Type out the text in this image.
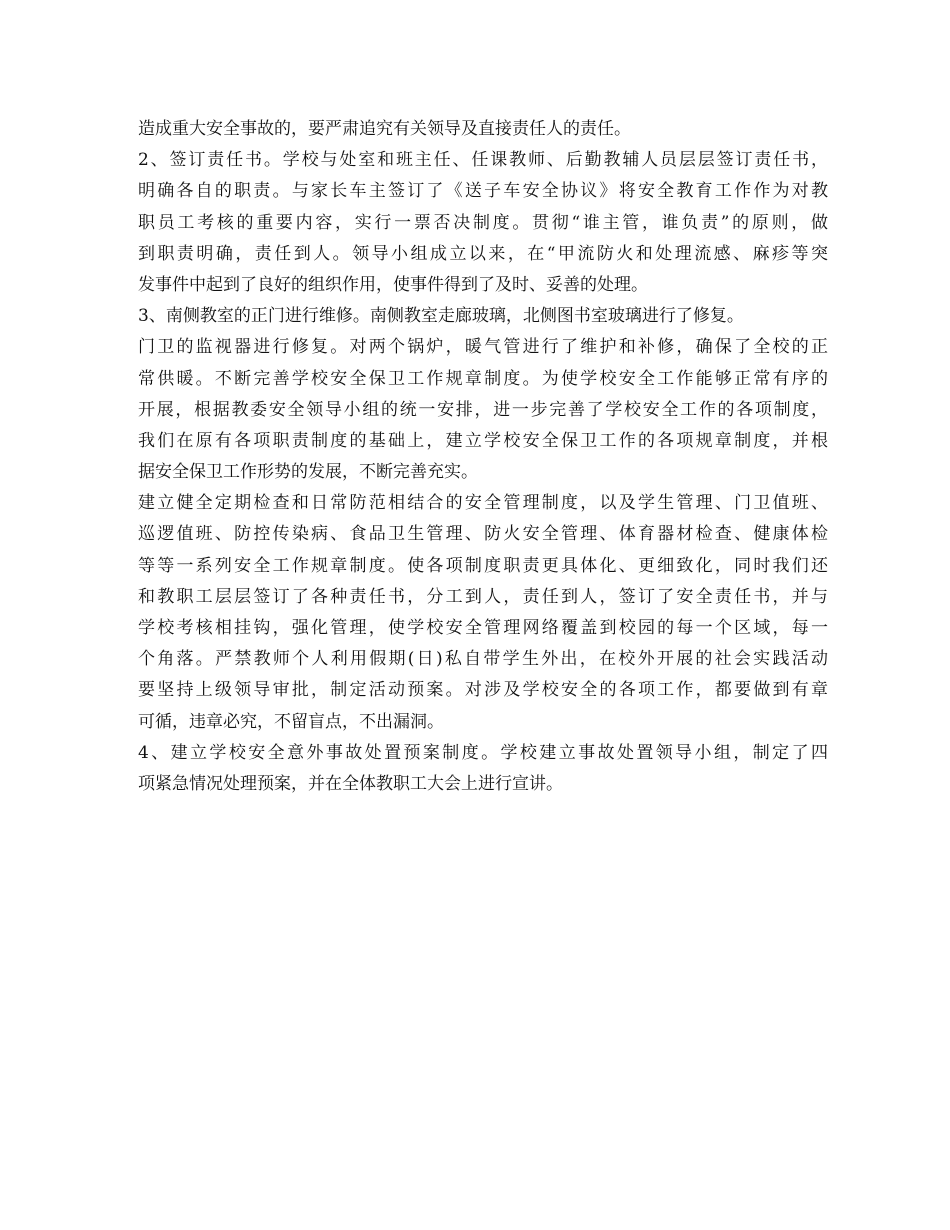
造成重大安全事故的，要严肃追究有关领导及直接责任人的责任。
2、签订责任书。学校与处室和班主任、任课教师、后勤教辅人员层层签订责任书，
明确各自的职责。与家长车主签订了《送子车安全协议》将安全教育工作作为对教
职员工考核的重要内容，实行一票否决制度。贯彻“谁主管，谁负责”的原则，做
到职责明确，责任到人。领导小组成立以来，在“甲流防火和处理流感、麻疹等突
发事件中起到了良好的组织作用，使事件得到了及时、妥善的处理。
3、南侧教室的正门进行维修。南侧教室走廊玻璃，北侧图书室玻璃进行了修复。
门卫的监视器进行修复。对两个锅炉，暖气管进行了维护和补修，确保了全校的正
常供暖。不断完善学校安全保卫工作规章制度。为使学校安全工作能够正常有序的
开展，根据教委安全领导小组的统一安排，进一步完善了学校安全工作的各项制度，
我们在原有各项职责制度的基础上，建立学校安全保卫工作的各项规章制度，并根
据安全保卫工作形势的发展，不断完善充实。
建立健全定期检查和日常防范相结合的安全管理制度，以及学生管理、门卫值班、
巡逻值班、防控传染病、食品卫生管理、防火安全管理、体育器材检查、健康体检
等等一系列安全工作规章制度。使各项制度职责更具体化、更细致化，同时我们还
和教职工层层签订了各种责任书，分工到人，责任到人，签订了安全责任书，并与
学校考核相挂钩，强化管理，使学校安全管理网络覆盖到校园的每一个区域，每一
个角落。严禁教师个人利用假期(日)私自带学生外出，在校外开展的社会实践活动
要坚持上级领导审批，制定活动预案。对涉及学校安全的各项工作，都要做到有章
可循，违章必究，不留盲点，不出漏洞。
4、建立学校安全意外事故处置预案制度。学校建立事故处置领导小组，制定了四
项紧急情况处理预案，并在全体教职工大会上进行宣讲。
